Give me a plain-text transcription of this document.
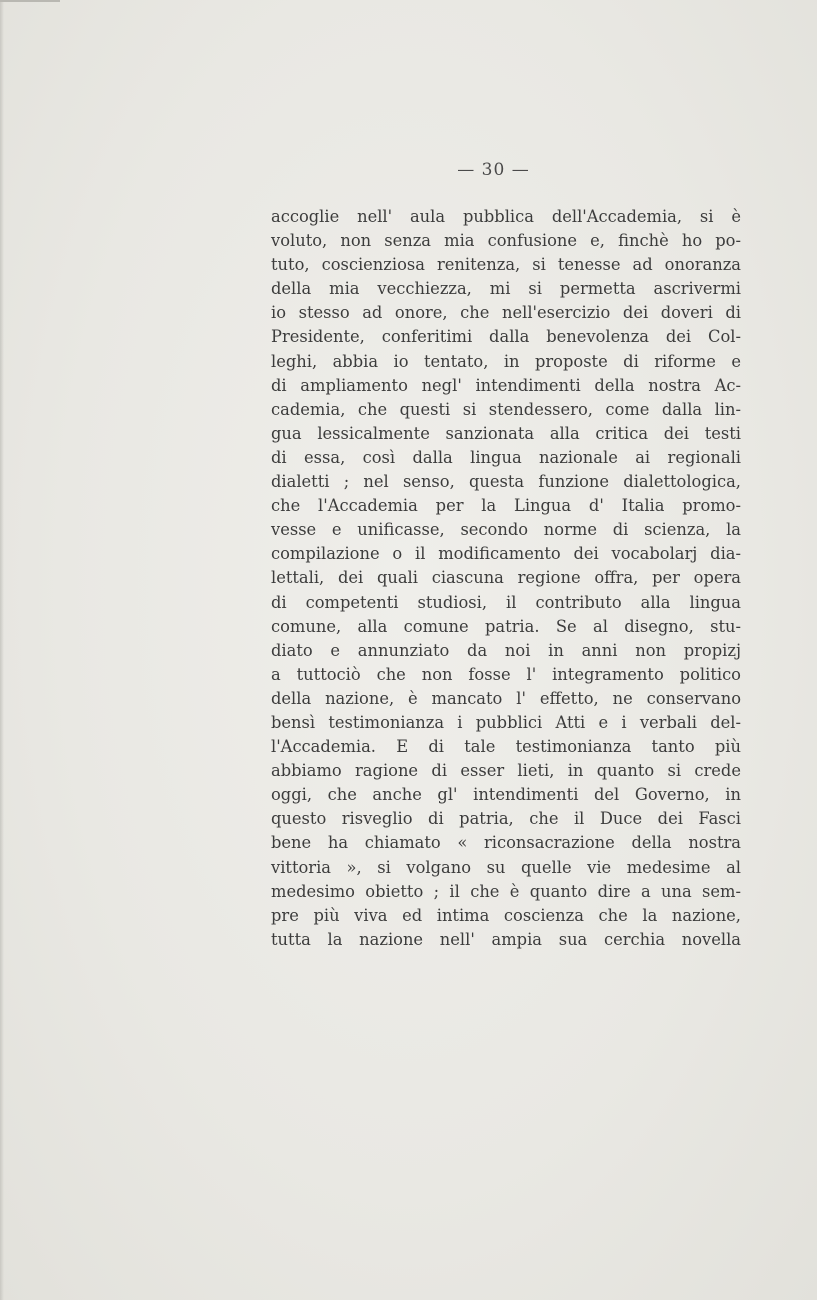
— 30 —
accoglie nell' aula pubblica dell'Accademia, si è
voluto, non senza mia confusione e, finchè ho po-
tuto, coscienziosa renitenza, si tenesse ad onoranza
della mia vecchiezza, mi si permetta ascrivermi
io stesso ad onore, che nell'esercizio dei doveri di
Presidente, conferitimi dalla benevolenza dei Col-
leghi, abbia io tentato, in proposte di riforme e
di ampliamento negl' intendimenti della nostra Ac-
cademia, che questi si stendessero, come dalla lin-
gua lessicalmente sanzionata alla critica dei testi
di essa, così dalla lingua nazionale ai regionali
dialetti ; nel senso, questa funzione dialettologica,
che l'Accademia per la Lingua d' Italia promo-
vesse e unificasse, secondo norme di scienza, la
compilazione o il modificamento dei vocabolarj dia-
lettali, dei quali ciascuna regione offra, per opera
di competenti studiosi, il contributo alla lingua
comune, alla comune patria. Se al disegno, stu-
diato e annunziato da noi in anni non propizj
a tuttociò che non fosse l' integramento politico
della nazione, è mancato l' effetto, ne conservano
bensì testimonianza i pubblici Atti e i verbali del-
l'Accademia. E di tale testimonianza tanto più
abbiamo ragione di esser lieti, in quanto si crede
oggi, che anche gl' intendimenti del Governo, in
questo risveglio di patria, che il Duce dei Fasci
bene ha chiamato « riconsacrazione della nostra
vittoria », si volgano su quelle vie medesime al
medesimo obietto ; il che è quanto dire a una sem-
pre più viva ed intima coscienza che la nazione,
tutta la nazione nell' ampia sua cerchia novella
